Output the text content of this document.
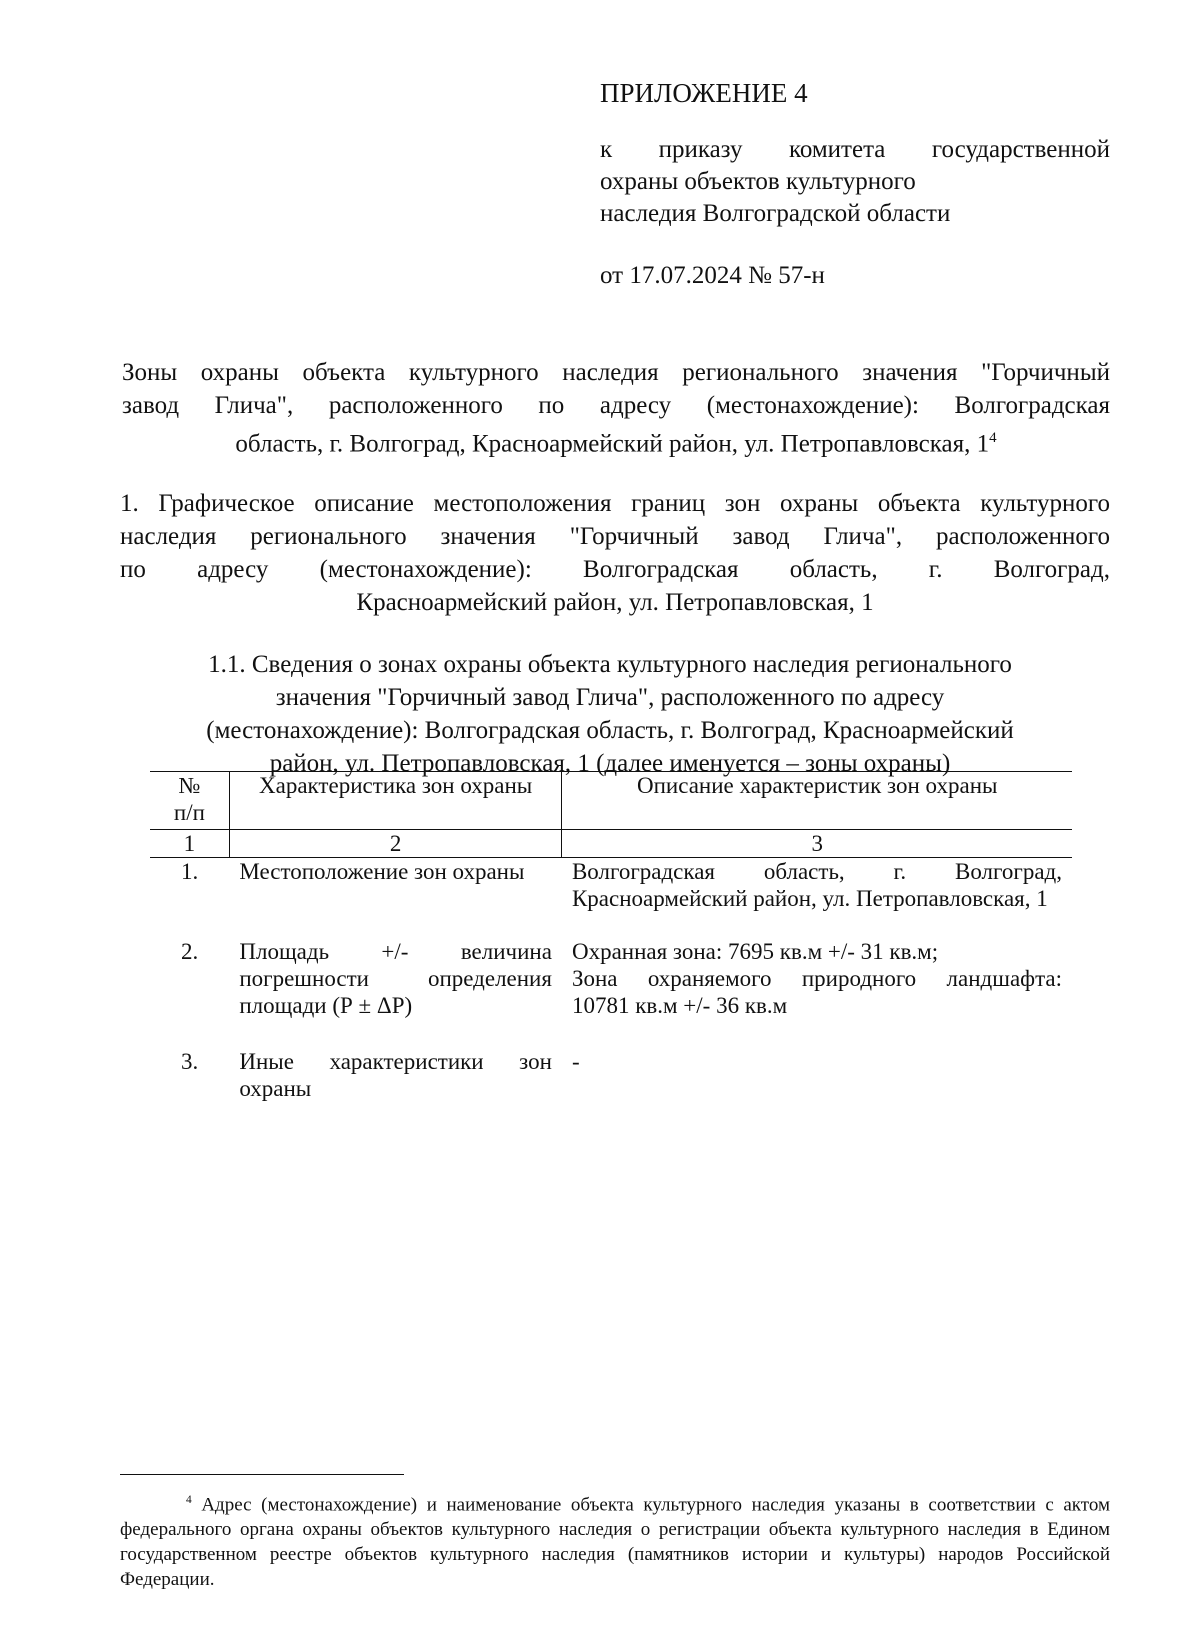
ПРИЛОЖЕНИЕ 4
к приказу комитета государственной
охраны объектов культурного
наследия Волгоградской области
от 17.07.2024 № 57-н
Зоны охраны объекта культурного наследия регионального значения "Горчичный
завод Глича", расположенного по адресу (местонахождение): Волгоградская
область, г. Волгоград, Красноармейский район, ул. Петропавловская, $1^4$
1. Графическое описание местоположения границ зон охраны объекта культурного
наследия регионального значения "Горчичный завод Глича", расположенного
по адресу (местонахождение): Волгоградская область, г. Волгоград,
Красноармейский район, ул. Петропавловская, 1
1.1. Сведения о зонах охраны объекта культурного наследия регионального
значения "Горчичный завод Глича", расположенного по адресу
(местонахождение): Волгоградская область, г. Волгоград, Красноармейский
район, ул. Петропавловская, 1 (далее именуется – зоны охраны)
№
п/п	Характеристика зон охраны	Описание характеристик зон охраны
1	2	3
1.	Местоположение зон охраны	Волгоградская область, г. Волгоград,
Красноармейский район, ул. Петропавловская, 1
2.	Площадь +/- величина
погрешности определения
площади (Р ± ΔР)	Охранная зона: 7695 кв.м +/- 31 кв.м;
Зона охраняемого природного ландшафта:
10781 кв.м +/- 36 кв.м
3.	Иные характеристики зон
охраны	-
$^4$ Адрес (местонахождение) и наименование объекта культурного наследия указаны в соответствии с актом
федерального органа охраны объектов культурного наследия о регистрации объекта культурного наследия в Едином
государственном реестре объектов культурного наследия (памятников истории и культуры) народов Российской
Федерации.
